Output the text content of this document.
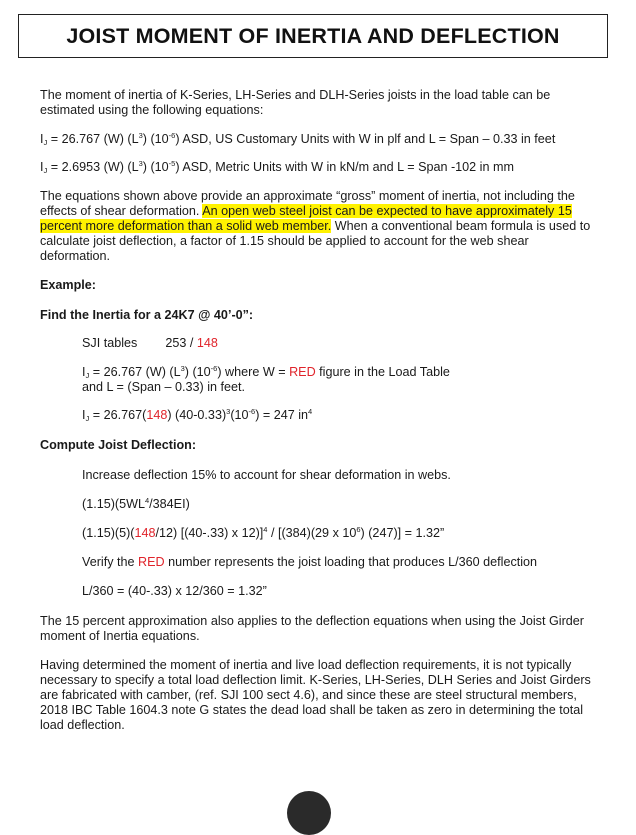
JOIST MOMENT OF INERTIA AND DEFLECTION

The moment of inertia of K-Series, LH-Series and DLH-Series joists in the load table can be estimated using the following equations:

$I_J = 26.767$ (W) $(L^3)$ $(10^{-6})$ ASD, US Customary Units with W in plf and L = Span – 0.33 in feet

$I_J = 2.6953$ (W) $(L^3)$ $(10^{-5})$ ASD, Metric Units with W in kN/m and L = Span -102 in mm

The equations shown above provide an approximate “gross” moment of inertia, not including the effects of shear deformation. An open web steel joist can be expected to have approximately 15 percent more deformation than a solid web member. When a conventional beam formula is used to calculate joist deflection, a factor of 1.15 should be applied to account for the web shear deformation.

Example:

Find the Inertia for a 24K7 @ 40’-0”:

SJI tables 253 / 148

$I_J = 26.767$ (W) $(L^3)$ $(10^{-6})$ where W = RED figure in the Load Table
and L = (Span – 0.33) in feet.

$I_J = 26.767(148) (40-0.33)^3(10^{-6}) = 247$ $in^4$

Compute Joist Deflection:

Increase deflection 15% to account for shear deformation in webs.

$(1.15)(5WL^4/384EI)$

(1.15)(5)(148/12) [(40-.33) x 12)]$^4$ / [(384)(29 x $10^6$) (247)] = 1.32”

Verify the RED number represents the joist loading that produces L/360 deflection

L/360 = (40-.33) x 12/360 = 1.32”

The 15 percent approximation also applies to the deflection equations when using the Joist Girder moment of Inertia equations.

Having determined the moment of inertia and live load deflection requirements, it is not typically necessary to specify a total load deflection limit. K-Series, LH-Series, DLH Series and Joist Girders are fabricated with camber, (ref. SJI 100 sect 4.6), and since these are steel structural members, 2018 IBC Table 1604.3 note G states the dead load shall be taken as zero in determining the total load deflection.
